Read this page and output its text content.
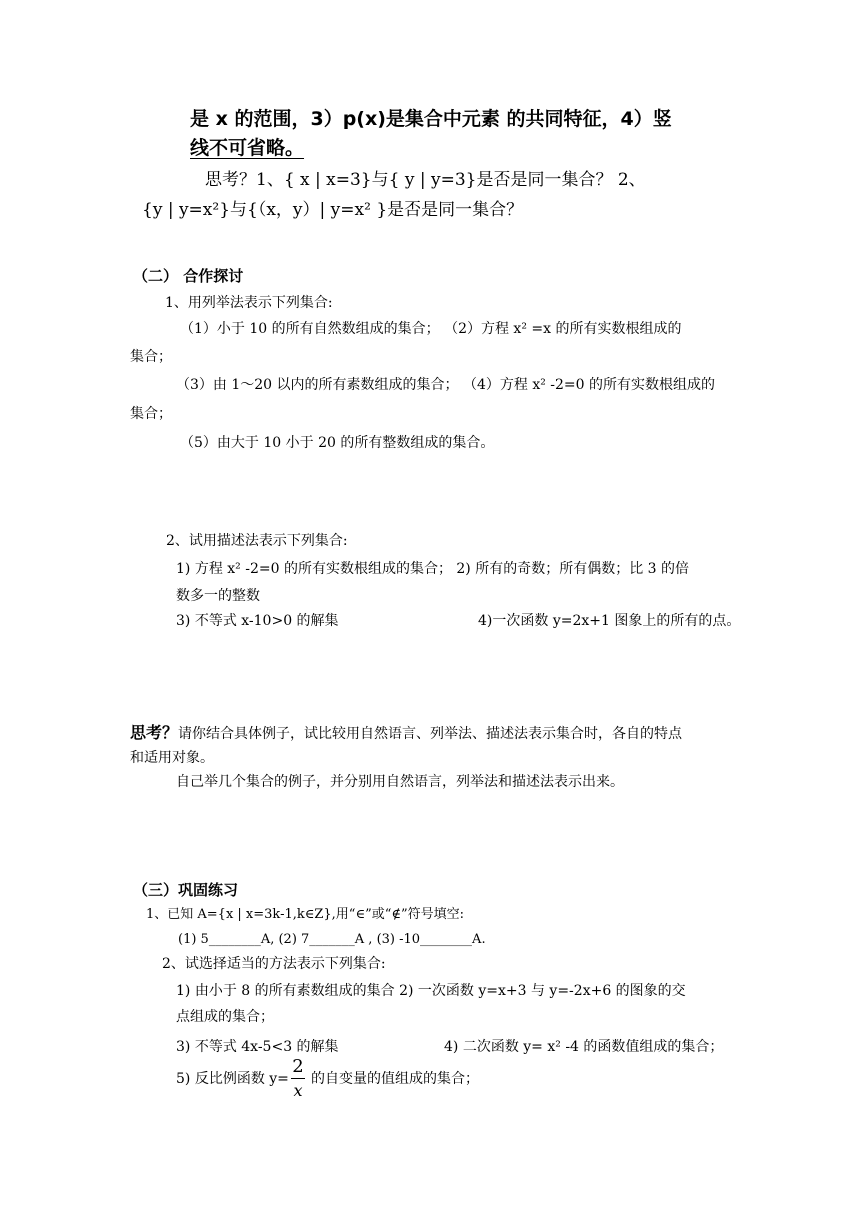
是 x 的范围，3）p(x)是集合中元素 的共同特征，4）竖
线不可省略。
思考？1、{ x | x=3}与{ y | y=3}是否是同一集合？ 2、
{y | y=x²}与{（x，y）| y=x² }是否是同一集合？
（二） 合作探讨
1、用列举法表示下列集合:
（1）小于 10 的所有自然数组成的集合； （2）方程 x² =x 的所有实数根组成的
集合；
（3）由 1～20 以内的所有素数组成的集合； （4）方程 x² -2=0 的所有实数根组成的
集合；
（5）由大于 10 小于 20 的所有整数组成的集合。
2、试用描述法表示下列集合:
1) 方程 x² -2=0 的所有实数根组成的集合； 2) 所有的奇数；所有偶数；比 3 的倍
数多一的整数
3) 不等式 x-10>0 的解集	4)一次函数 y=2x+1 图象上的所有的点。
思考？请你结合具体例子，试比较用自然语言、列举法、描述法表示集合时，各自的特点
和适用对象。
自己举几个集合的例子，并分别用自然语言，列举法和描述法表示出来。
（三）巩固练习
1、已知 A={x | x=3k-1,k∈Z},用“∈”或“∉”符号填空:
(1) 5________A, (2) 7_______A , (3) -10________A.
2、试选择适当的方法表示下列集合:
1) 由小于 8 的所有素数组成的集合 2) 一次函数 y=x+3 与 y=-2x+6 的图象的交
点组成的集合；
3) 不等式 4x-5<3 的解集	4) 二次函数 y= x² -4 的函数值组成的集合；
5) 反比例函数 y=
2
x
的自变量的值组成的集合；
